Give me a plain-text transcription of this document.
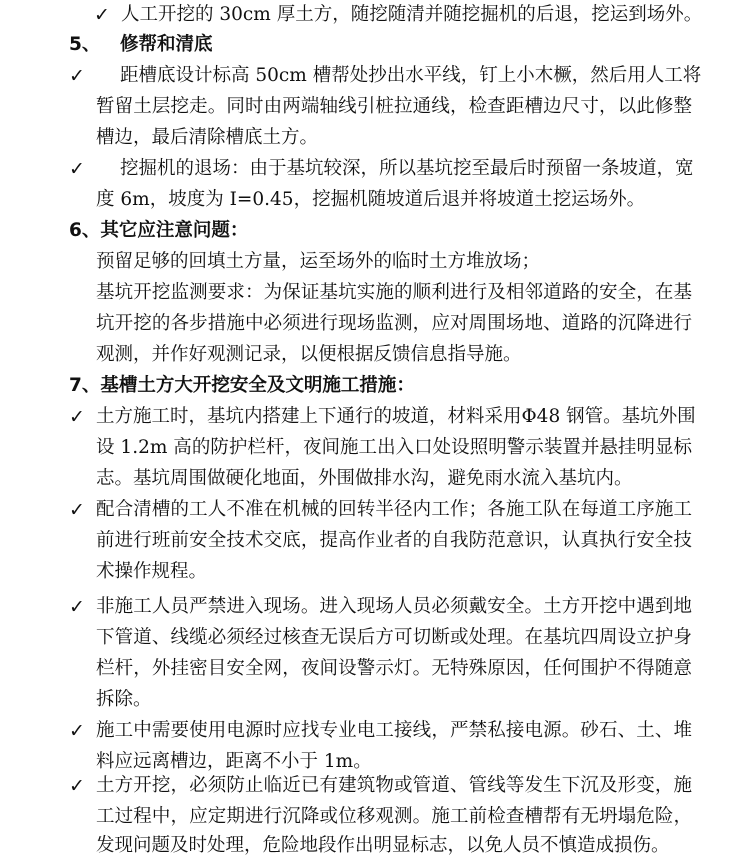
✓ 人工开挖的 30cm 厚土方，随挖随清并随挖掘机的后退，挖运到场外。
5、 修帮和清底
✓	距槽底设计标高 50cm 槽帮处抄出水平线，钉上小木橛，然后用人工将
暂留土层挖走。同时由两端轴线引桩拉通线，检查距槽边尺寸，以此修整
槽边，最后清除槽底土方。
✓	挖掘机的退场：由于基坑较深，所以基坑挖至最后时预留一条坡道，宽
度 6m，坡度为 I=0.45，挖掘机随坡道后退并将坡道土挖运场外。
6、其它应注意问题：
预留足够的回填土方量，运至场外的临时土方堆放场；
基坑开挖监测要求：为保证基坑实施的顺利进行及相邻道路的安全，在基
坑开挖的各步措施中必须进行现场监测，应对周围场地、道路的沉降进行
观测，并作好观测记录，以便根据反馈信息指导施。
7、基槽土方大开挖安全及文明施工措施：
✓ 土方施工时，基坑内搭建上下通行的坡道，材料采用Φ48 钢管。基坑外围
设 1.2m 高的防护栏杆，夜间施工出入口处设照明警示装置并悬挂明显标
志。基坑周围做硬化地面，外围做排水沟，避免雨水流入基坑内。
✓ 配合清槽的工人不准在机械的回转半径内工作；各施工队在每道工序施工
前进行班前安全技术交底，提高作业者的自我防范意识，认真执行安全技
术操作规程。
✓ 非施工人员严禁进入现场。进入现场人员必须戴安全。土方开挖中遇到地
下管道、线缆必须经过核查无误后方可切断或处理。在基坑四周设立护身
栏杆，外挂密目安全网，夜间设警示灯。无特殊原因，任何围护不得随意
拆除。
✓ 施工中需要使用电源时应找专业电工接线，严禁私接电源。砂石、土、堆
料应远离槽边，距离不小于 1m。
✓ 土方开挖，必须防止临近已有建筑物或管道、管线等发生下沉及形变，施
工过程中，应定期进行沉降或位移观测。施工前检查槽帮有无坍塌危险，
发现问题及时处理，危险地段作出明显标志，以免人员不慎造成损伤。
